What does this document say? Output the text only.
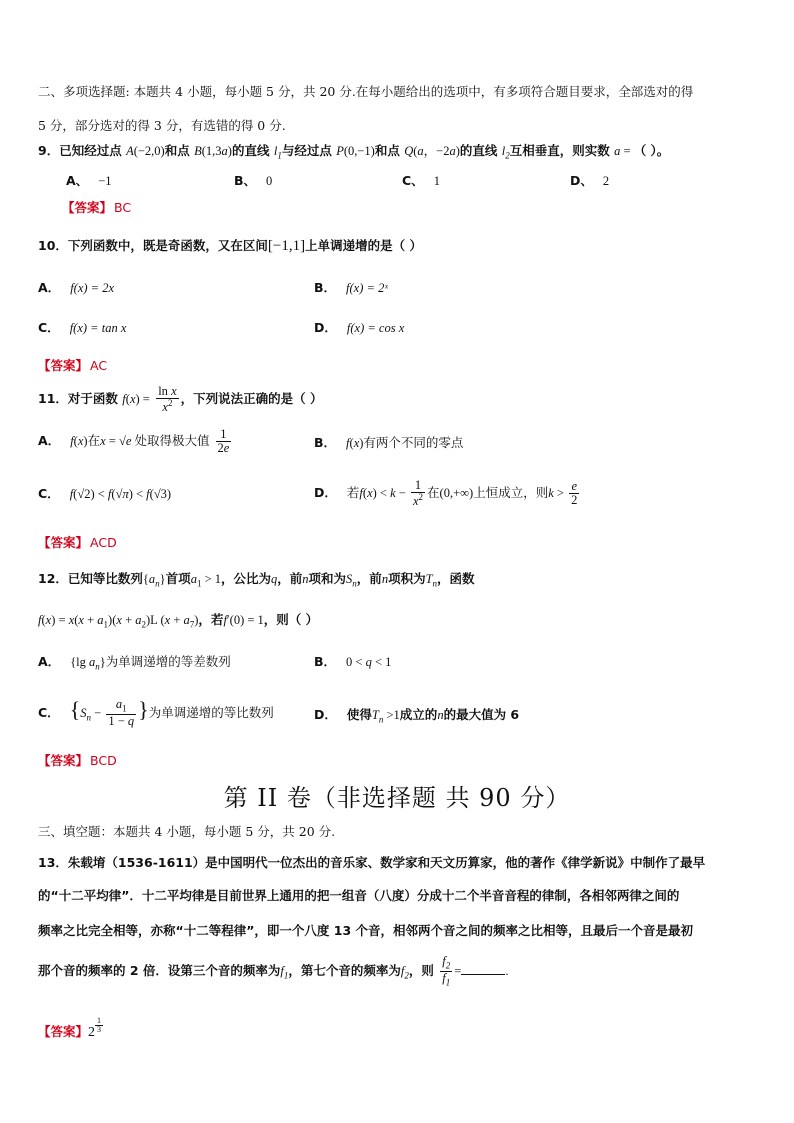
二、多项选择题: 本题共 4 小题，每小题 5 分，共 20 分.在每小题给出的选项中，有多项符合题目要求，全部选对的得
5 分，部分选对的得 3 分，有选错的得 0 分.
9．已知经过点 A(−2,0)和点 B(1,3a)的直线 $l_1$与经过点 P(0,−1)和点 Q(a，−2a)的直线 $l_2$互相垂直，则实数 a = （ ）。
A、 −1	B、 0	C、 1	D、 2
【答案】 BC
10．下列函数中，既是奇函数，又在区间[−1,1]上单调递增的是（ ）
A． f(x) = 2x	B． f(x) = 2ˣ
C． f(x) = tan x	D． f(x) = cos x
【答案】 AC
11．对于函数 $f(x) = \frac{\text{ln x}}{x^2}$ ，下列说法正确的是（ ）
A． f(x)在x = √e 处取得极大值 $\frac{1}{2e}$	B． f(x)有两个不同的零点
C． f(√2) < f(√π) < f(√3)	D． 若$f(x) < k - \frac{1}{x^2}$ 在(0,+∞)上恒成立，则$k > \frac{e}{2}$
【答案】 ACD
12．已知等比数列$\{a_n\}$首项$a_1 > 1$，公比为q，前n项和为$S_n$，前n项积为$T_n$，函数
$f(x) = x(x + a_1)(x + a_2)L$ $(x + a_7)$，若f′(0) = 1，则（ ）
A． {lg $a_n$}为单调递增的等差数列	B． 0 < q < 1
C． {$S_n - \frac{a_1}{1 - q}$ }为单调递增的等比数列	D． 使得$T_n >1$成立的n的最大值为 6
【答案】 BCD
第 II 卷（非选择题 共 90 分）
三、填空题：本题共 4 小题，每小题 5 分，共 20 分.
13．朱载堉（1536-1611）是中国明代一位杰出的音乐家、数学家和天文历算家，他的著作《律学新说》中制作了最早
的“十二平均律”．十二平均律是目前世界上通用的把一组音（八度）分成十二个半音音程的律制，各相邻两律之间的
频率之比完全相等，亦称“十二等程律”，即一个八度 13 个音，相邻两个音之间的频率之比相等，且最后一个音是最初
那个音的频率的 2 倍．设第三个音的频率为$f_1$，第七个音的频率为$f_2$，则 $\frac{f_2}{f_1}$ =	.
【答案】2 $^{\frac{1}{3}}$
